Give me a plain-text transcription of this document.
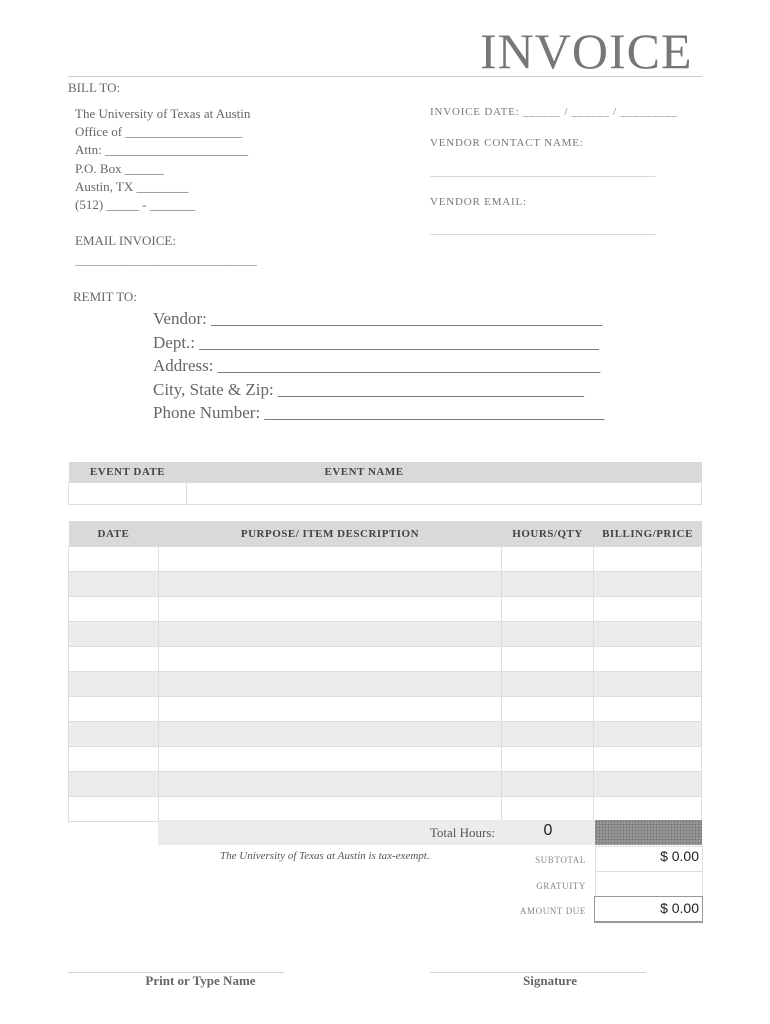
INVOICE
BILL TO:
The University of Texas at Austin
Office of __________________
Attn: ______________________
P.O. Box ______
Austin, TX ________
(512) _____ - _______
EMAIL INVOICE:
____________________________
INVOICE DATE: ______ / ______ / _________
VENDOR CONTACT NAME:
_________________________________________
VENDOR EMAIL:
_________________________________________
REMIT TO:
Vendor: ______________________________________________
Dept.: _______________________________________________
Address: _____________________________________________
City, State & Zip: ____________________________________
Phone Number: ________________________________________
EVENT DATE	EVENT NAME

DATE	PURPOSE/ ITEM DESCRIPTION	HOURS/QTY	BILLING/PRICE

Total Hours:	0
The University of Texas at Austin is tax-exempt.	SUBTOTAL	$ 0.00
GRATUITY
AMOUNT DUE	$ 0.00
____________________________________
Print or Type Name
____________________________________
Signature
